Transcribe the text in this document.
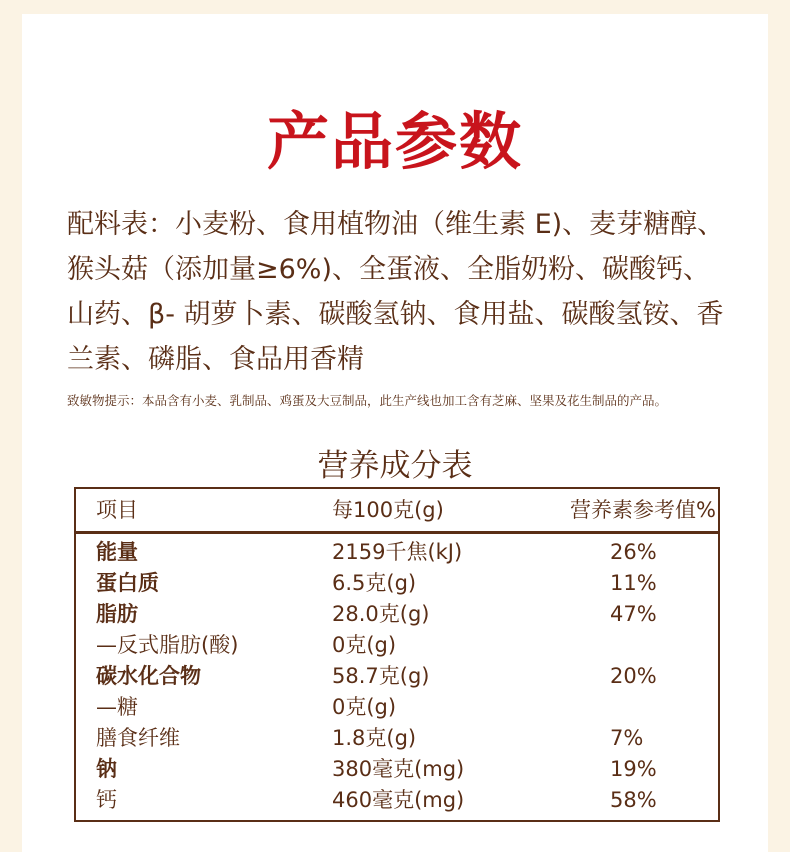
产品参数
配料表：小麦粉、食用植物油（维生素 E)、麦芽糖醇、猴头菇（添加量≥6%)、全蛋液、全脂奶粉、碳酸钙、山药、β- 胡萝卜素、碳酸氢钠、食用盐、碳酸氢铵、香兰素、磷脂、食品用香精
致敏物提示：本品含有小麦、乳制品、鸡蛋及大豆制品，此生产线也加工含有芝麻、坚果及花生制品的产品。
营养成分表
项目	每100克(g)	营养素参考值%
能量	2159千焦(kJ)	26%
蛋白质	6.5克(g)	11%
脂肪	28.0克(g)	47%
—反式脂肪(酸)	0克(g)
碳水化合物	58.7克(g)	20%
—糖	0克(g)
膳食纤维	1.8克(g)	7%
钠	380毫克(mg)	19%
钙	460毫克(mg)	58%
